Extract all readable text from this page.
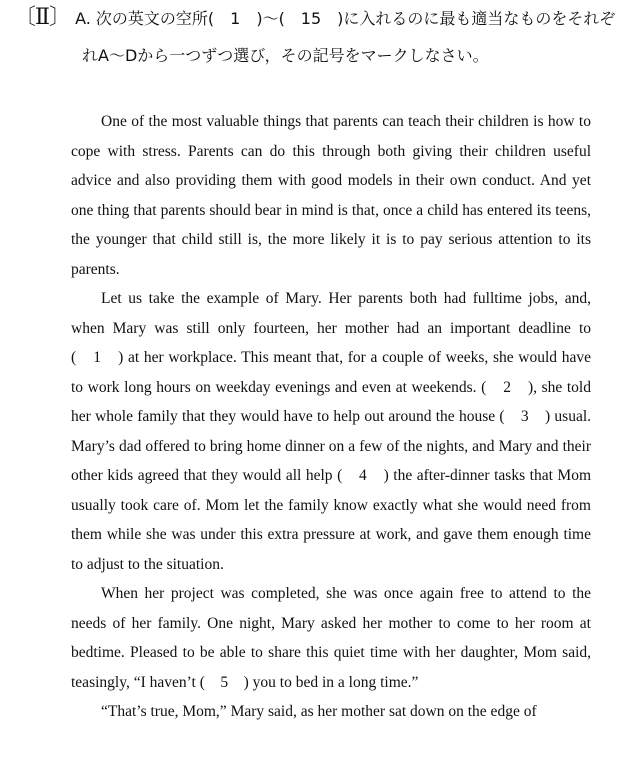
〔Ⅱ〕 A. 次の英文の空所(　1　)〜(　15　)に入れるのに最も適当なものをそれぞ
れA〜Dから一つずつ選び，その記号をマークしなさい。

One of the most valuable things that parents can teach their children is how to cope with stress. Parents can do this through both giving their children useful advice and also providing them with good models in their own conduct. And yet one thing that parents should bear in mind is that, once a child has entered its teens, the younger that child still is, the more likely it is to pay serious attention to its parents.

Let us take the example of Mary. Her parents both had fulltime jobs, and, when Mary was still only fourteen, her mother had an important deadline to (　1　) at her workplace. This meant that, for a couple of weeks, she would have to work long hours on weekday evenings and even at weekends. (　2　), she told her whole family that they would have to help out around the house (　3　) usual. Mary’s dad offered to bring home dinner on a few of the nights, and Mary and their other kids agreed that they would all help (　4　) the after-dinner tasks that Mom usually took care of. Mom let the family know exactly what she would need from them while she was under this extra pressure at work, and gave them enough time to adjust to the situation.

When her project was completed, she was once again free to attend to the needs of her family. One night, Mary asked her mother to come to her room at bedtime. Pleased to be able to share this quiet time with her daughter, Mom said, teasingly, “I haven’t (　5　) you to bed in a long time.”

“That’s true, Mom,” Mary said, as her mother sat down on the edge of
